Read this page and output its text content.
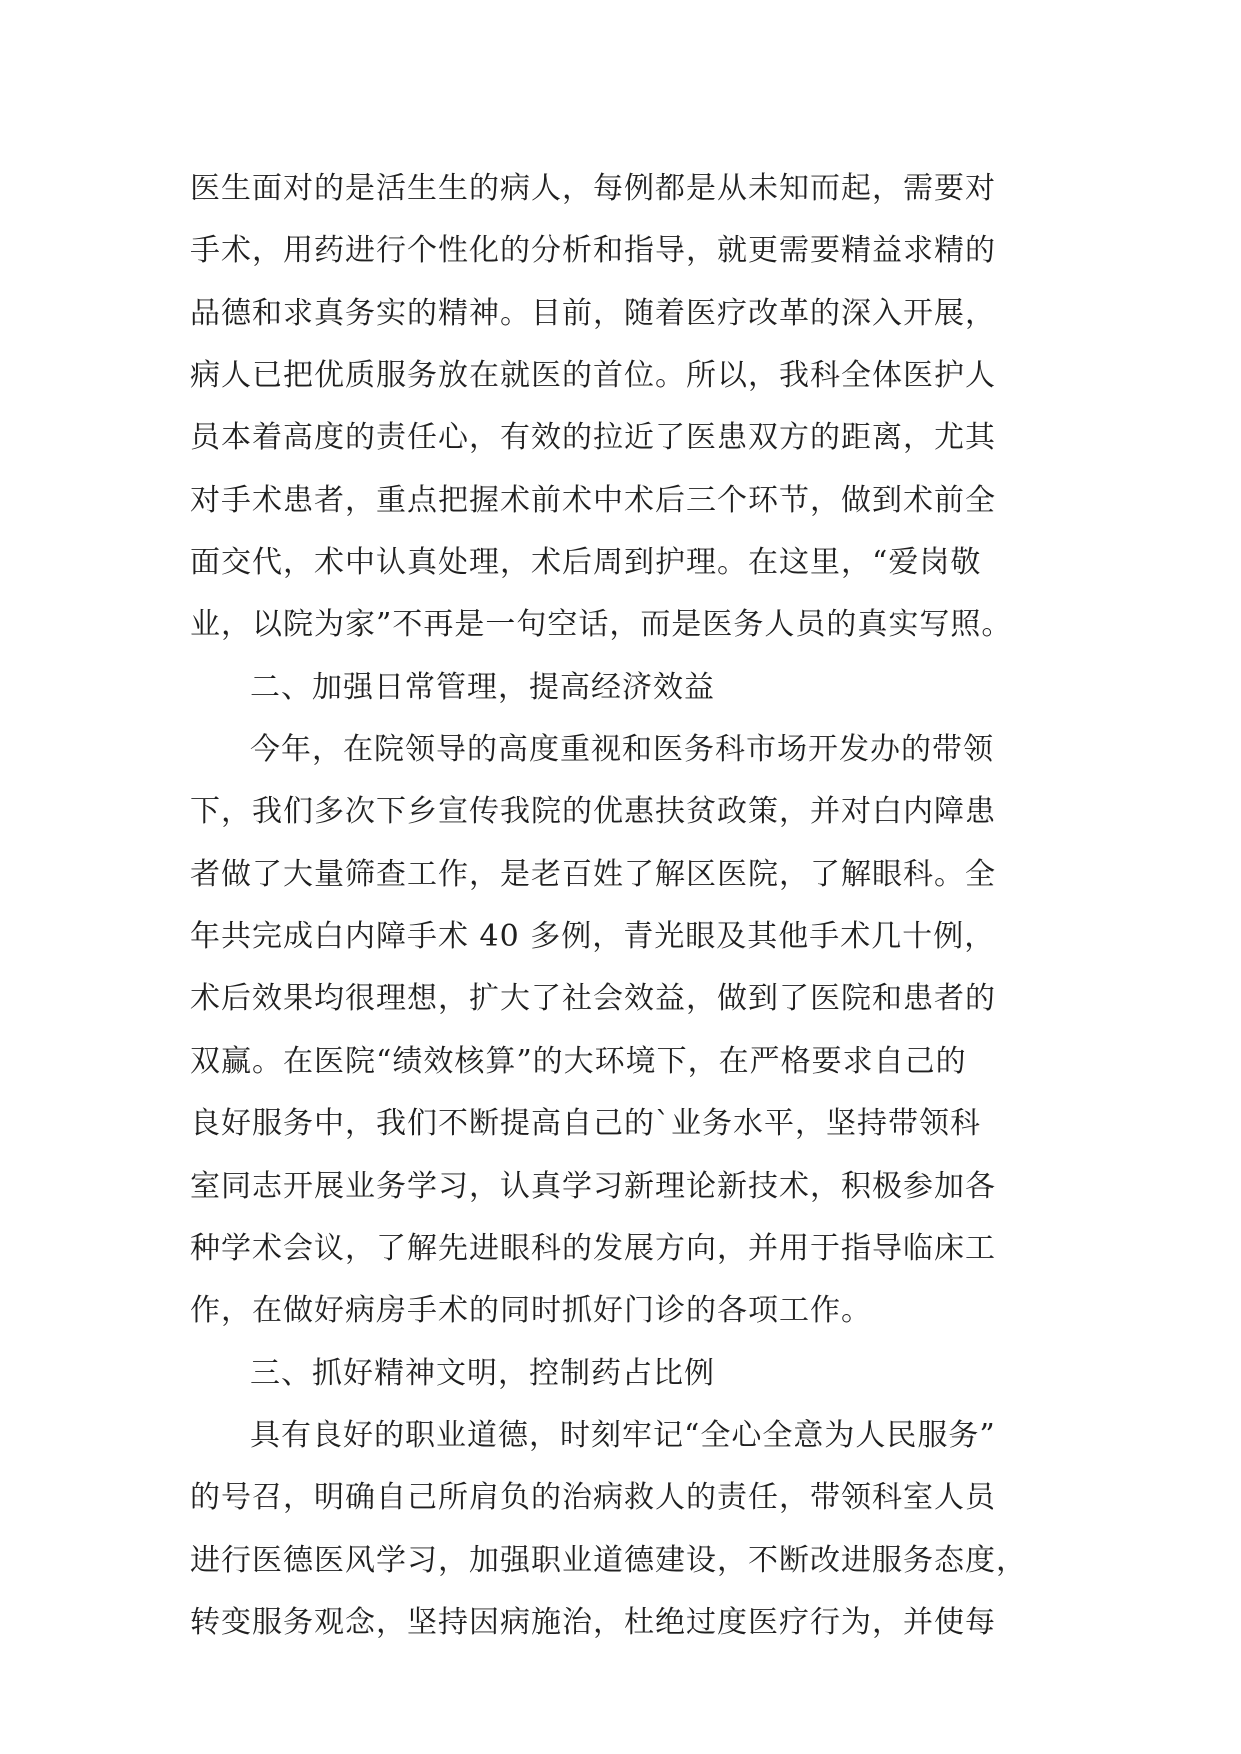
医生面对的是活生生的病人，每例都是从未知而起，需要对
手术，用药进行个性化的分析和指导，就更需要精益求精的
品德和求真务实的精神。目前，随着医疗改革的深入开展，
病人已把优质服务放在就医的首位。所以，我科全体医护人
员本着高度的责任心，有效的拉近了医患双方的距离，尤其
对手术患者，重点把握术前术中术后三个环节，做到术前全
面交代，术中认真处理，术后周到护理。在这里，“爱岗敬
业，以院为家”不再是一句空话，而是医务人员的真实写照。
二、加强日常管理，提高经济效益
今年，在院领导的高度重视和医务科市场开发办的带领
下，我们多次下乡宣传我院的优惠扶贫政策，并对白内障患
者做了大量筛查工作，是老百姓了解区医院，了解眼科。全
年共完成白内障手术 40 多例，青光眼及其他手术几十例，
术后效果均很理想，扩大了社会效益，做到了医院和患者的
双赢。在医院“绩效核算”的大环境下，在严格要求自己的
良好服务中，我们不断提高自己的`业务水平，坚持带领科
室同志开展业务学习，认真学习新理论新技术，积极参加各
种学术会议，了解先进眼科的发展方向，并用于指导临床工
作，在做好病房手术的同时抓好门诊的各项工作。
三、抓好精神文明，控制药占比例
具有良好的职业道德，时刻牢记“全心全意为人民服务”
的号召，明确自己所肩负的治病救人的责任，带领科室人员
进行医德医风学习，加强职业道德建设，不断改进服务态度，
转变服务观念，坚持因病施治，杜绝过度医疗行为，并使每
